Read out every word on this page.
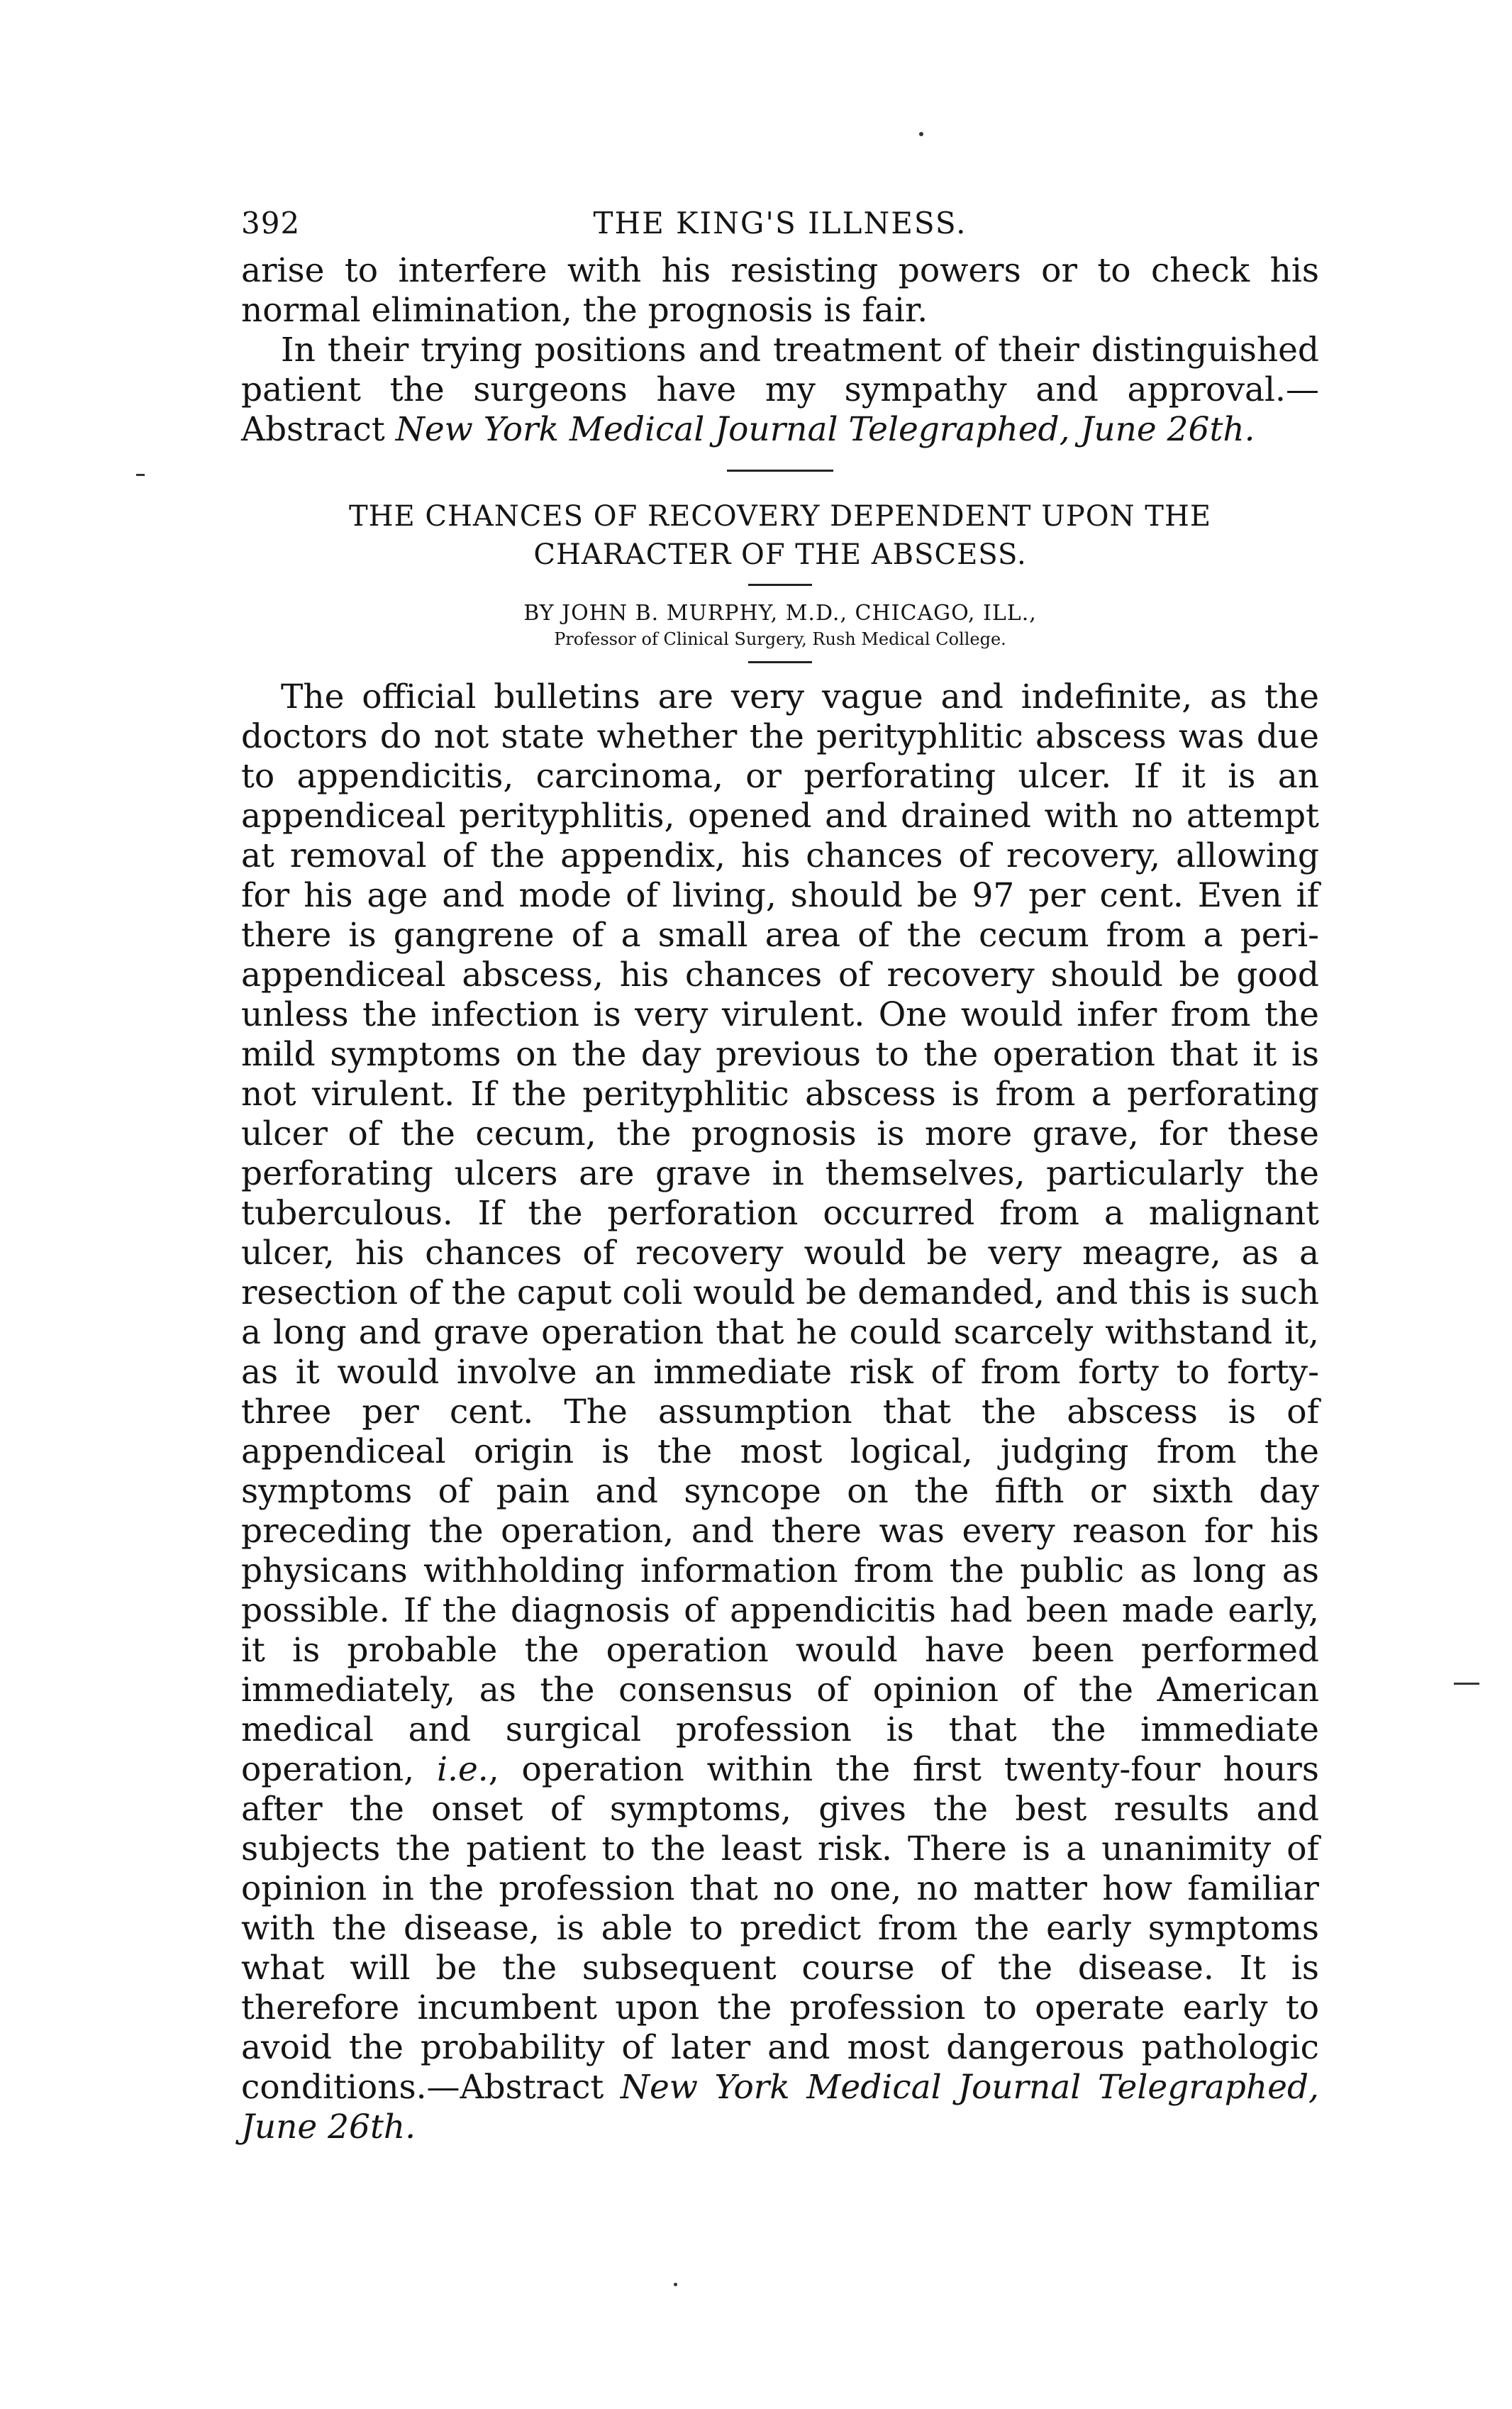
392	THE KING'S ILLNESS.

arise to interfere with his resisting powers or to check his normal elimination, the prognosis is fair.

In their trying positions and treatment of their distinguished patient the surgeons have my sympathy and approval.— Abstract New York Medical Journal Telegraphed, June 26th.

THE CHANCES OF RECOVERY DEPENDENT UPON THE

CHARACTER OF THE ABSCESS.

BY JOHN B. MURPHY, M.D., CHICAGO, ILL.,

Professor of Clinical Surgery, Rush Medical College.

The official bulletins are very vague and indefinite, as the doctors do not state whether the perityphlitic abscess was due to appendicitis, carcinoma, or perforating ulcer. If it is an appendiceal perityphlitis, opened and drained with no attempt at removal of the appendix, his chances of recovery, allowing for his age and mode of living, should be 97 per cent. Even if there is gangrene of a small area of the cecum from a peri-appendiceal abscess, his chances of recovery should be good unless the infection is very virulent. One would infer from the mild symptoms on the day previous to the operation that it is not virulent. If the perityphlitic abscess is from a perforating ulcer of the cecum, the prognosis is more grave, for these perforating ulcers are grave in themselves, particularly the tuberculous. If the perforation occurred from a malignant ulcer, his chances of recovery would be very meagre, as a resection of the caput coli would be demanded, and this is such a long and grave operation that he could scarcely withstand it, as it would involve an immediate risk of from forty to forty-three per cent. The assumption that the abscess is of appendiceal origin is the most logical, judging from the symptoms of pain and syncope on the fifth or sixth day preceding the operation, and there was every reason for his physicans withholding information from the public as long as possible. If the diagnosis of appendicitis had been made early, it is probable the operation would have been performed immediately, as the consensus of opinion of the American medical and surgical profession is that the immediate operation, i.e., operation within the first twenty-four hours after the onset of symptoms, gives the best results and subjects the patient to the least risk. There is a unanimity of opinion in the profession that no one, no matter how familiar with the disease, is able to predict from the early symptoms what will be the subsequent course of the disease. It is therefore incumbent upon the profession to operate early to avoid the probability of later and most dangerous pathologic conditions.—Abstract New York Medical Journal Telegraphed, June 26th.
